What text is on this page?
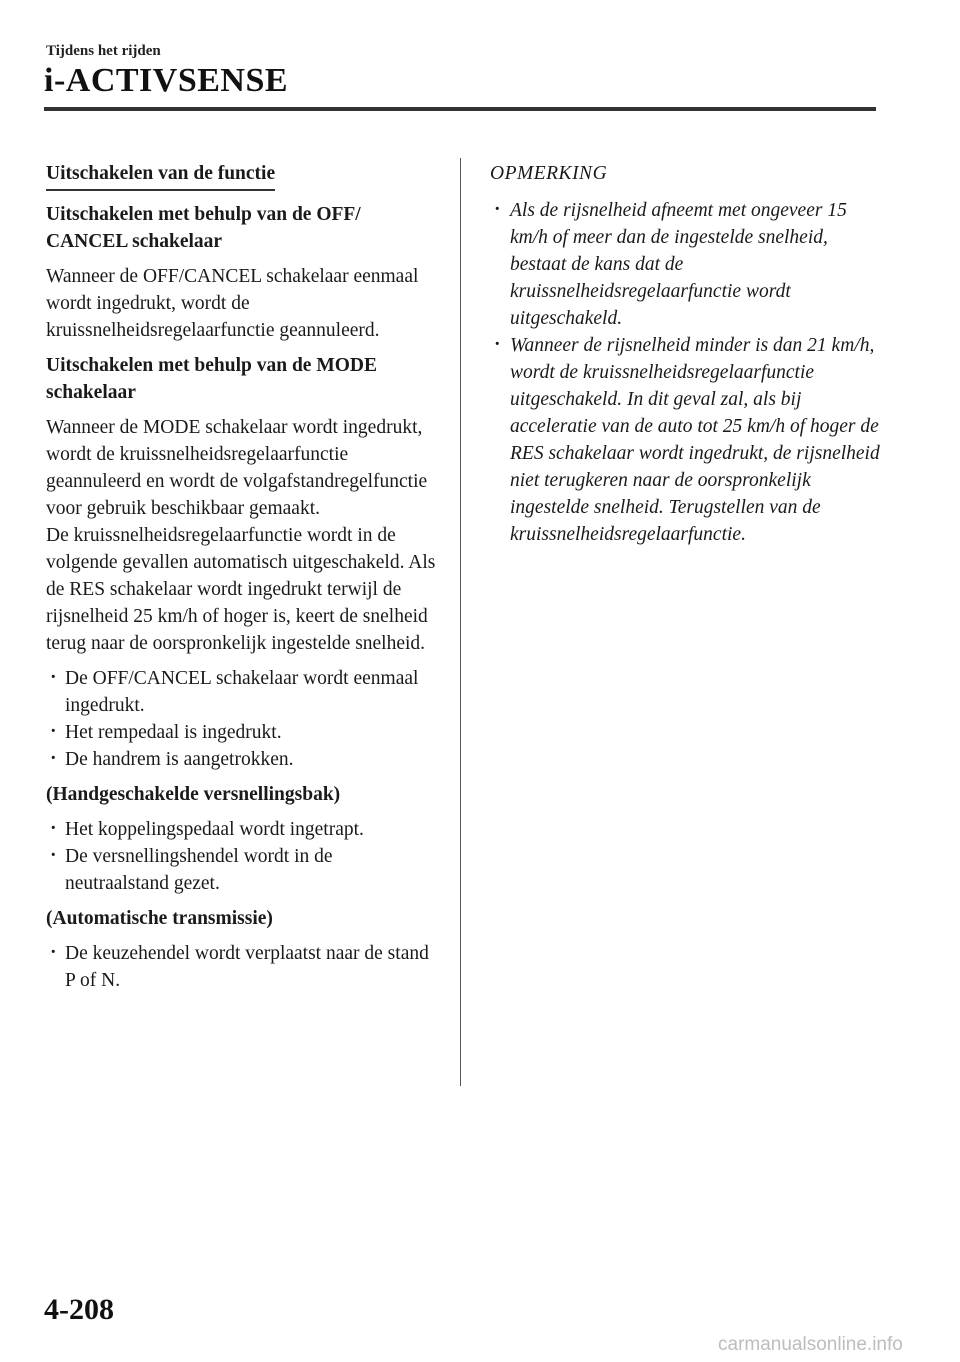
Tijdens het rijden
i-ACTIVSENSE
Uitschakelen van de functie

Uitschakelen met behulp van de OFF/ CANCEL schakelaar

Wanneer de OFF/CANCEL schakelaar eenmaal wordt ingedrukt, wordt de kruissnelheidsregelaarfunctie geannuleerd.

Uitschakelen met behulp van de MODE schakelaar

Wanneer de MODE schakelaar wordt ingedrukt, wordt de kruissnelheidsregelaarfunctie geannuleerd en wordt de volgafstandregelfunctie voor gebruik beschikbaar gemaakt.

De kruissnelheidsregelaarfunctie wordt in de volgende gevallen automatisch uitgeschakeld. Als de RES schakelaar wordt ingedrukt terwijl de rijsnelheid 25 km/h of hoger is, keert de snelheid terug naar de oorspronkelijk ingestelde snelheid.

· De OFF/CANCEL schakelaar wordt eenmaal ingedrukt.
· Het rempedaal is ingedrukt.
· De handrem is aangetrokken.

(Handgeschakelde versnellingsbak)

· Het koppelingspedaal wordt ingetrapt.
· De versnellingshendel wordt in de neutraalstand gezet.

(Automatische transmissie)

· De keuzehendel wordt verplaatst naar de stand P of N.

OPMERKING

· Als de rijsnelheid afneemt met ongeveer 15 km/h of meer dan de ingestelde snelheid, bestaat de kans dat de kruissnelheidsregelaarfunctie wordt uitgeschakeld.
· Wanneer de rijsnelheid minder is dan 21 km/h, wordt de kruissnelheidsregelaarfunctie uitgeschakeld. In dit geval zal, als bij acceleratie van de auto tot 25 km/h of hoger de RES schakelaar wordt ingedrukt, de rijsnelheid niet terugkeren naar de oorspronkelijk ingestelde snelheid. Terugstellen van de kruissnelheidsregelaarfunctie.
4-208
carmanualsonline.info
